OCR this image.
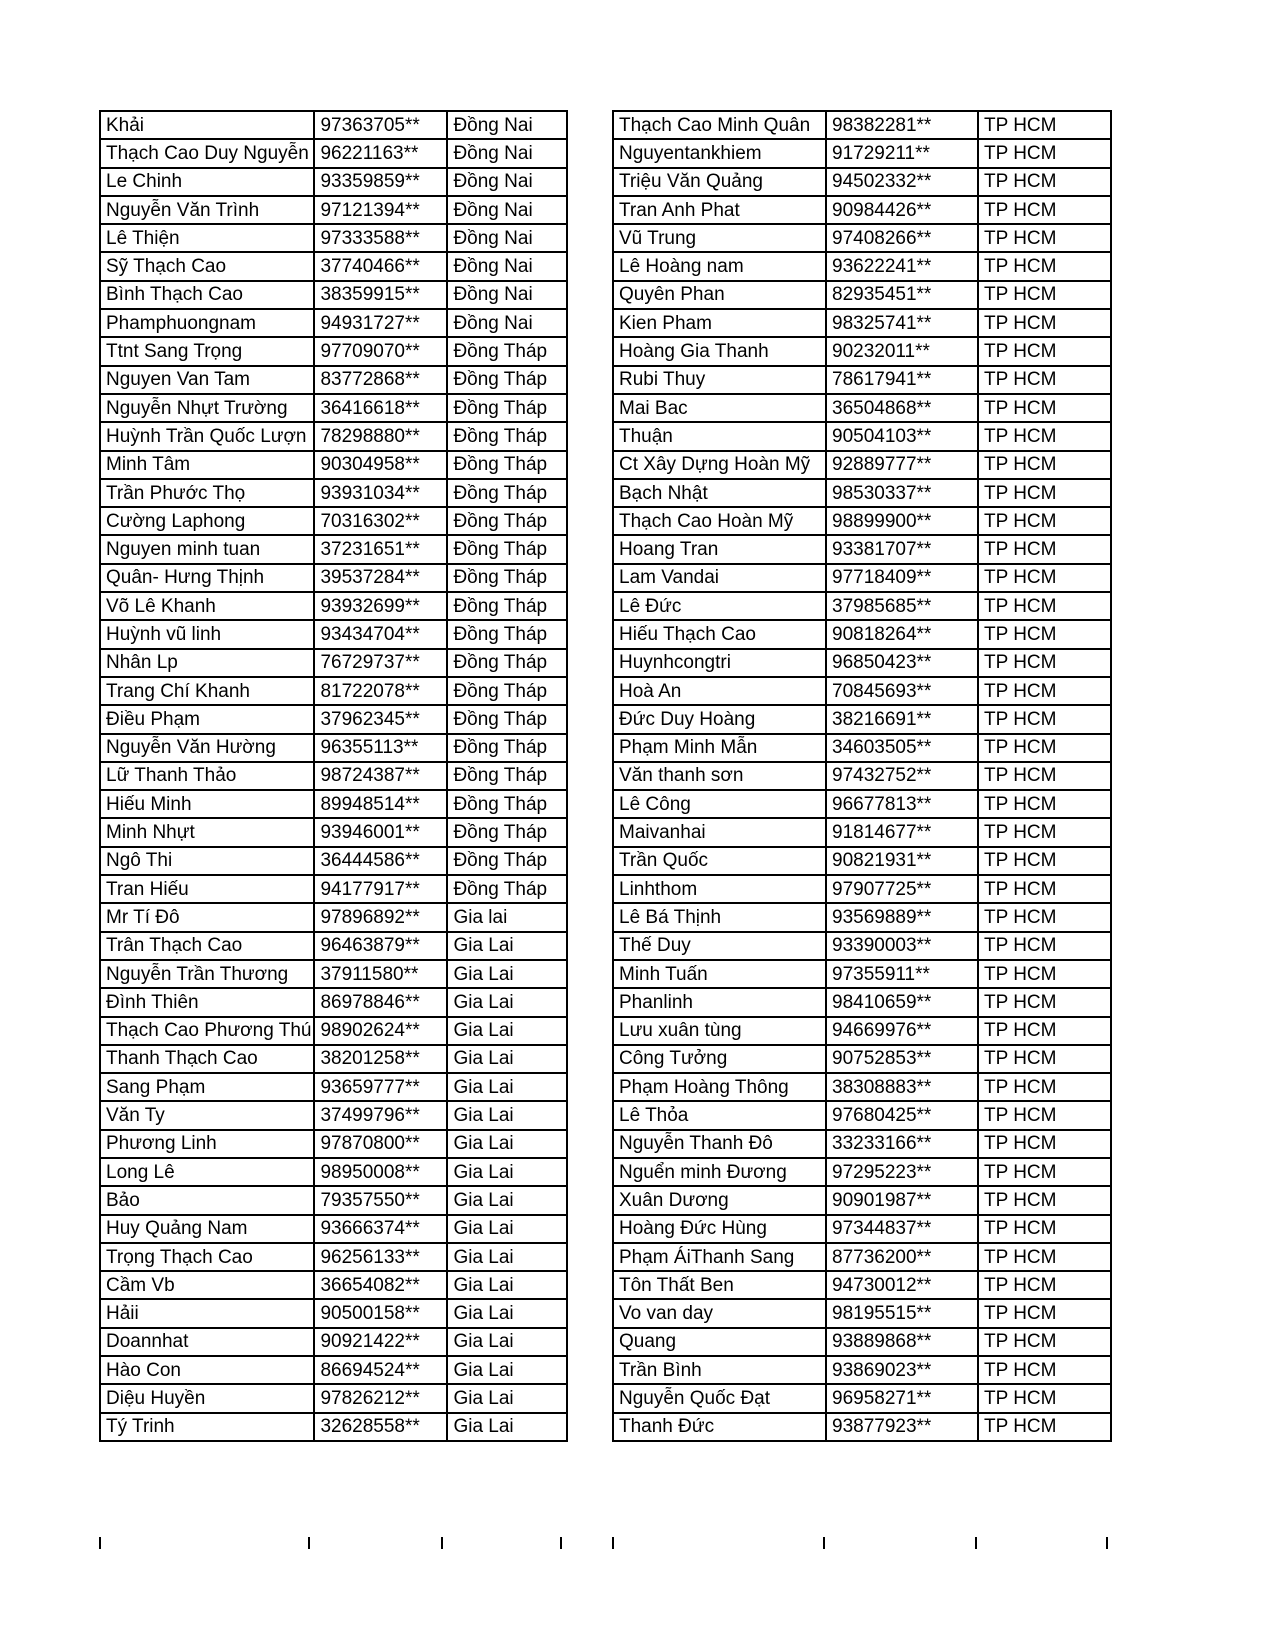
Khải	97363705**	Đồng Nai
Thạch Cao Duy Nguyễn	96221163**	Đồng Nai
Le Chinh	93359859**	Đồng Nai
Nguyễn Văn Trình	97121394**	Đồng Nai
Lê Thiện	97333588**	Đồng Nai
Sỹ Thạch Cao	37740466**	Đồng Nai
Bình Thạch Cao	38359915**	Đồng Nai
Phamphuongnam	94931727**	Đồng Nai
Ttnt Sang Trọng	97709070**	Đồng Tháp
Nguyen Van Tam	83772868**	Đồng Tháp
Nguyễn Nhựt Trường	36416618**	Đồng Tháp
Huỳnh Trần Quốc Lượn	78298880**	Đồng Tháp
Minh Tâm	90304958**	Đồng Tháp
Trần Phước Thọ	93931034**	Đồng Tháp
Cường Laphong	70316302**	Đồng Tháp
Nguyen minh tuan	37231651**	Đồng Tháp
Quân- Hưng Thịnh	39537284**	Đồng Tháp
Võ Lê Khanh	93932699**	Đồng Tháp
Huỳnh vũ linh	93434704**	Đồng Tháp
Nhân Lp	76729737**	Đồng Tháp
Trang Chí Khanh	81722078**	Đồng Tháp
Điều Phạm	37962345**	Đồng Tháp
Nguyễn Văn Hường	96355113**	Đồng Tháp
Lữ Thanh Thảo	98724387**	Đồng Tháp
Hiếu Minh	89948514**	Đồng Tháp
Minh Nhựt	93946001**	Đồng Tháp
Ngô Thi	36444586**	Đồng Tháp
Tran Hiếu	94177917**	Đồng Tháp
Mr Tí Đô	97896892**	Gia lai
Trân Thạch Cao	96463879**	Gia Lai
Nguyễn Trần Thương	37911580**	Gia Lai
Đình Thiên	86978846**	Gia Lai
Thạch Cao Phương Thú	98902624**	Gia Lai
Thanh Thạch Cao	38201258**	Gia Lai
Sang Phạm	93659777**	Gia Lai
Văn Ty	37499796**	Gia Lai
Phương Linh	97870800**	Gia Lai
Long Lê	98950008**	Gia Lai
Bảo	79357550**	Gia Lai
Huy Quảng Nam	93666374**	Gia Lai
Trọng Thạch Cao	96256133**	Gia Lai
Cầm Vb	36654082**	Gia Lai
Hảii	90500158**	Gia Lai
Doannhat	90921422**	Gia Lai
Hào Con	86694524**	Gia Lai
Diệu Huyền	97826212**	Gia Lai
Tý Trinh	32628558**	Gia Lai
Thạch Cao Minh Quân	98382281**	TP HCM
Nguyentankhiem	91729211**	TP HCM
Triệu Văn Quảng	94502332**	TP HCM
Tran Anh Phat	90984426**	TP HCM
Vũ Trung	97408266**	TP HCM
Lê Hoàng nam	93622241**	TP HCM
Quyên Phan	82935451**	TP HCM
Kien Pham	98325741**	TP HCM
Hoàng Gia Thanh	90232011**	TP HCM
Rubi Thuy	78617941**	TP HCM
Mai Bac	36504868**	TP HCM
Thuận	90504103**	TP HCM
Ct Xây Dựng Hoàn Mỹ	92889777**	TP HCM
Bạch Nhật	98530337**	TP HCM
Thạch Cao Hoàn Mỹ	98899900**	TP HCM
Hoang Tran	93381707**	TP HCM
Lam Vandai	97718409**	TP HCM
Lê Đức	37985685**	TP HCM
Hiếu Thạch Cao	90818264**	TP HCM
Huynhcongtri	96850423**	TP HCM
Hoà An	70845693**	TP HCM
Đức Duy Hoàng	38216691**	TP HCM
Phạm Minh Mẫn	34603505**	TP HCM
Văn thanh sơn	97432752**	TP HCM
Lê Công	96677813**	TP HCM
Maivanhai	91814677**	TP HCM
Trần Quốc	90821931**	TP HCM
Linhthom	97907725**	TP HCM
Lê Bá Thịnh	93569889**	TP HCM
Thế Duy	93390003**	TP HCM
Minh Tuấn	97355911**	TP HCM
Phanlinh	98410659**	TP HCM
Lưu xuân tùng	94669976**	TP HCM
Công Tưởng	90752853**	TP HCM
Phạm Hoàng Thông	38308883**	TP HCM
Lê Thỏa	97680425**	TP HCM
Nguyễn Thanh Đô	33233166**	TP HCM
Nguển minh Đương	97295223**	TP HCM
Xuân Dương	90901987**	TP HCM
Hoàng Đức Hùng	97344837**	TP HCM
Phạm ÁiThanh Sang	87736200**	TP HCM
Tôn Thất Ben	94730012**	TP HCM
Vo van day	98195515**	TP HCM
Quang	93889868**	TP HCM
Trần Bình	93869023**	TP HCM
Nguyễn Quốc Đạt	96958271**	TP HCM
Thanh Đức	93877923**	TP HCM
